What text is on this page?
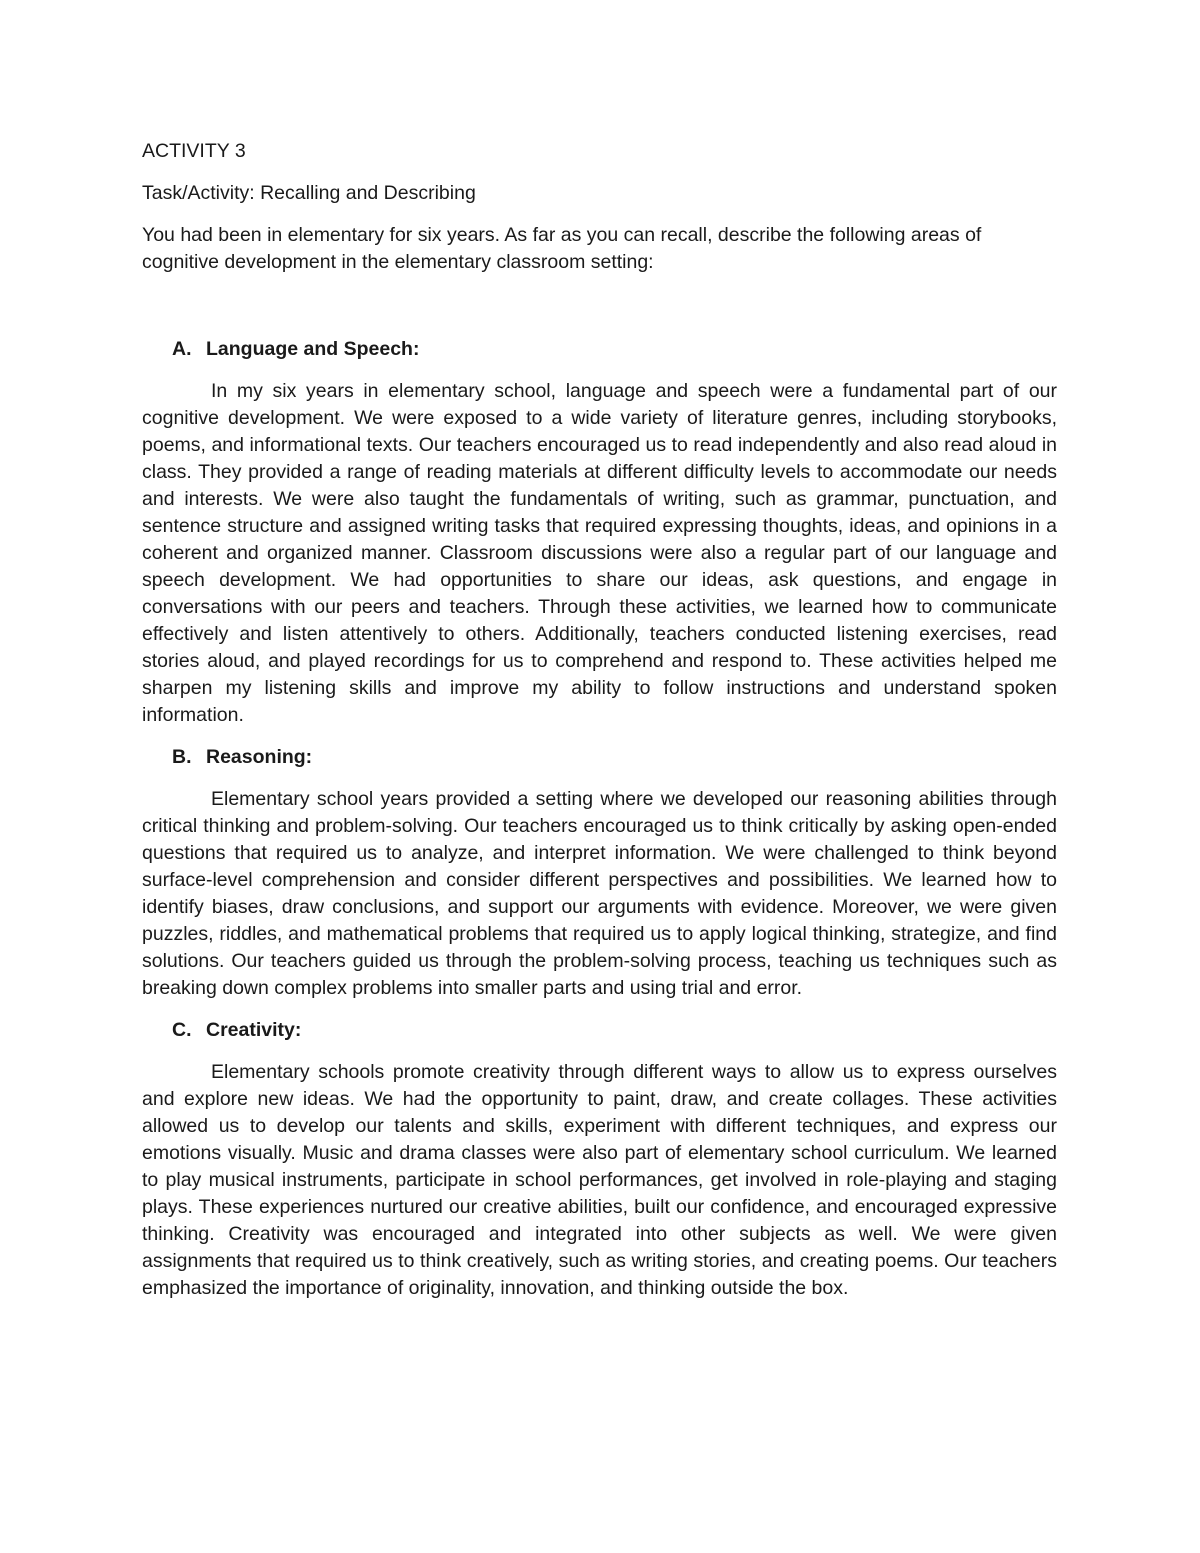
ACTIVITY 3

Task/Activity: Recalling and Describing

You had been in elementary for six years. As far as you can recall, describe the following areas of cognitive development in the elementary classroom setting:

A. Language and Speech:

In my six years in elementary school, language and speech were a fundamental part of our cognitive development. We were exposed to a wide variety of literature genres, including storybooks, poems, and informational texts. Our teachers encouraged us to read independently and also read aloud in class. They provided a range of reading materials at different difficulty levels to accommodate our needs and interests. We were also taught the fundamentals of writing, such as grammar, punctuation, and sentence structure and assigned writing tasks that required expressing thoughts, ideas, and opinions in a coherent and organized manner. Classroom discussions were also a regular part of our language and speech development. We had opportunities to share our ideas, ask questions, and engage in conversations with our peers and teachers. Through these activities, we learned how to communicate effectively and listen attentively to others. Additionally, teachers conducted listening exercises, read stories aloud, and played recordings for us to comprehend and respond to. These activities helped me sharpen my listening skills and improve my ability to follow instructions and understand spoken information.

B. Reasoning:

Elementary school years provided a setting where we developed our reasoning abilities through critical thinking and problem-solving. Our teachers encouraged us to think critically by asking open-ended questions that required us to analyze, and interpret information. We were challenged to think beyond surface-level comprehension and consider different perspectives and possibilities. We learned how to identify biases, draw conclusions, and support our arguments with evidence. Moreover, we were given puzzles, riddles, and mathematical problems that required us to apply logical thinking, strategize, and find solutions. Our teachers guided us through the problem-solving process, teaching us techniques such as breaking down complex problems into smaller parts and using trial and error.

C. Creativity:

Elementary schools promote creativity through different ways to allow us to express ourselves and explore new ideas. We had the opportunity to paint, draw, and create collages. These activities allowed us to develop our talents and skills, experiment with different techniques, and express our emotions visually. Music and drama classes were also part of elementary school curriculum. We learned to play musical instruments, participate in school performances, get involved in role-playing and staging plays. These experiences nurtured our creative abilities, built our confidence, and encouraged expressive thinking. Creativity was encouraged and integrated into other subjects as well. We were given assignments that required us to think creatively, such as writing stories, and creating poems. Our teachers emphasized the importance of originality, innovation, and thinking outside the box.
